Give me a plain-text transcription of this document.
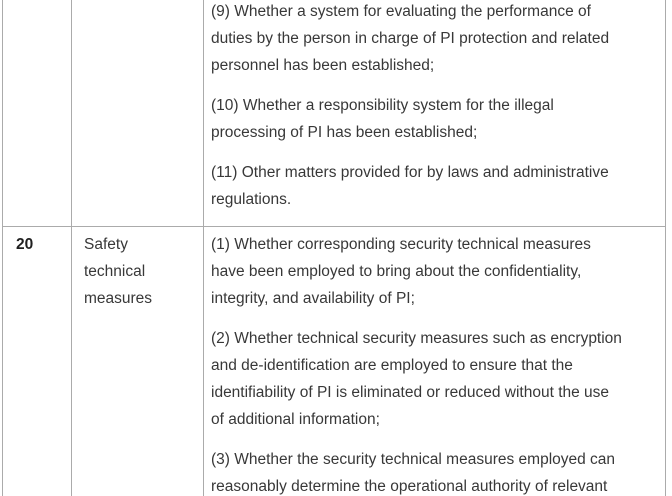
(9) Whether a system for evaluating the performance of
duties by the person in charge of PI protection and related
personnel has been established;
(10) Whether a responsibility system for the illegal
processing of PI has been established;
(11) Other matters provided for by laws and administrative
regulations.
20	Safety
technical
measures
(1) Whether corresponding security technical measures
have been employed to bring about the confidentiality,
integrity, and availability of PI;
(2) Whether technical security measures such as encryption
and de-identification are employed to ensure that the
identifiability of PI is eliminated or reduced without the use
of additional information;
(3) Whether the security technical measures employed can
reasonably determine the operational authority of relevant
